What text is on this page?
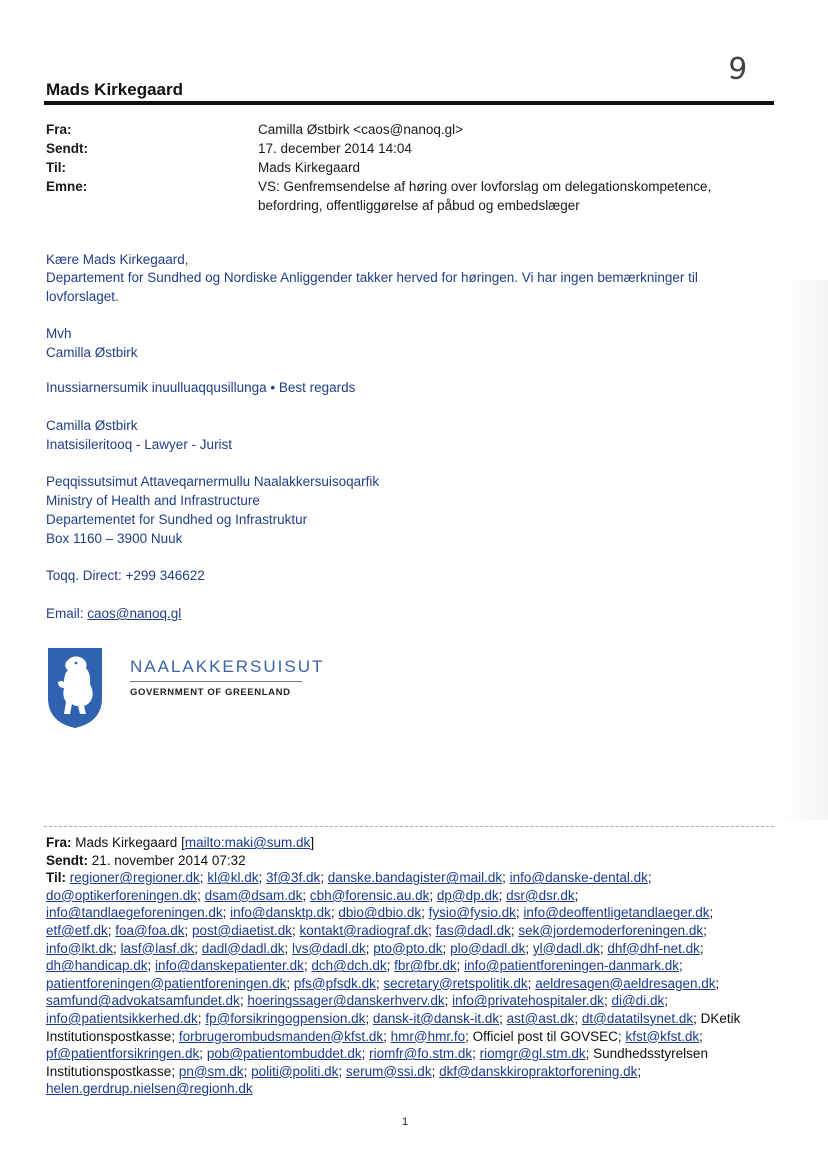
9
Mads Kirkegaard
Fra:	Camilla Østbirk <caos@nanoq.gl>
Sendt:	17. december 2014 14:04
Til:	Mads Kirkegaard
Emne:	VS: Genfremsendelse af høring over lovforslag om delegationskompetence, befordring, offentliggørelse af påbud og embedslæger
Kære Mads Kirkegaard,
Departement for Sundhed og Nordiske Anliggender takker herved for høringen. Vi har ingen bemærkninger til lovforslaget.
Mvh
Camilla Østbirk
Inussiarnersumik inuulluaqqusillunga • Best regards
Camilla Østbirk
Inatsisileritooq - Lawyer - Jurist
Peqqissutsimut Attaveqarnermullu Naalakkersuisoqarfik
Ministry of Health and Infrastructure
Departementet for Sundhed og Infrastruktur
Box 1160 – 3900 Nuuk
Toqq. Direct: +299 346622
Email: caos@nanoq.gl
NAALAKKERSUISUT
GOVERNMENT OF GREENLAND
Fra: Mads Kirkegaard [mailto:maki@sum.dk]
Sendt: 21. november 2014 07:32
Til: regioner@regioner.dk; kl@kl.dk; 3f@3f.dk; danske.bandagister@mail.dk; info@danske-dental.dk; do@optikerforeningen.dk; dsam@dsam.dk; cbh@forensic.au.dk; dp@dp.dk; dsr@dsr.dk; info@tandlaegeforeningen.dk; info@dansktp.dk; dbio@dbio.dk; fysio@fysio.dk; info@deoffentligetandlaeger.dk; etf@etf.dk; foa@foa.dk; post@diaetist.dk; kontakt@radiograf.dk; fas@dadl.dk; sek@jordemoderforeningen.dk; info@lkt.dk; lasf@lasf.dk; dadl@dadl.dk; lvs@dadl.dk; pto@pto.dk; plo@dadl.dk; yl@dadl.dk; dhf@dhf-net.dk; dh@handicap.dk; info@danskepatienter.dk; dch@dch.dk; fbr@fbr.dk; info@patientforeningen-danmark.dk; patientforeningen@patientforeningen.dk; pfs@pfsdk.dk; secretary@retspolitik.dk; aeldresagen@aeldresagen.dk; samfund@advokatsamfundet.dk; hoeringssager@danskerhverv.dk; info@privatehospitaler.dk; di@di.dk; info@patientsikkerhed.dk; fp@forsikringogpension.dk; dansk-it@dansk-it.dk; ast@ast.dk; dt@datatilsynet.dk; DKetik Institutionspostkasse; forbrugerombudsmanden@kfst.dk; hmr@hmr.fo; Officiel post til GOVSEC; kfst@kfst.dk; pf@patientforsikringen.dk; pob@patientombuddet.dk; riomfr@fo.stm.dk; riomgr@gl.stm.dk; Sundhedsstyrelsen Institutionspostkasse; pn@sm.dk; politi@politi.dk; serum@ssi.dk; dkf@danskkiropraktorforening.dk; helen.gerdrup.nielsen@regionh.dk
1
